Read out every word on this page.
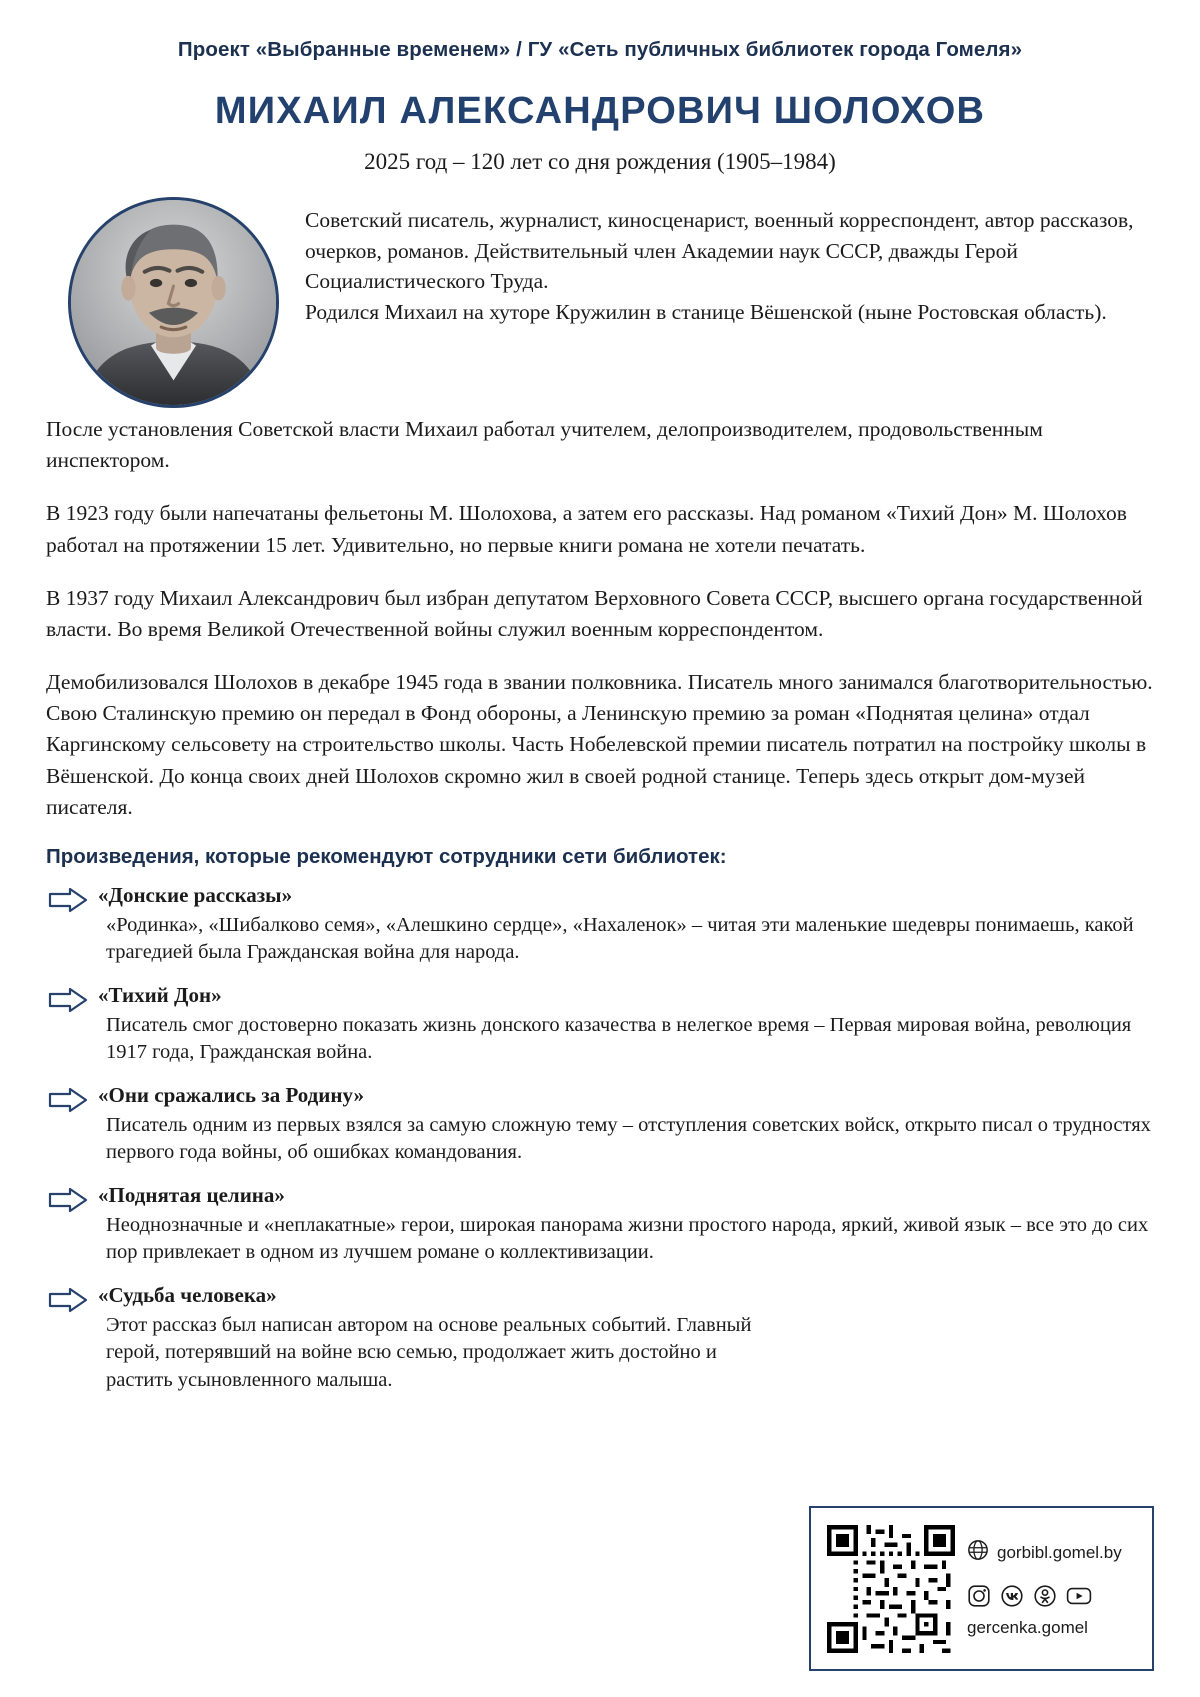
Проект «Выбранные временем» / ГУ «Сеть публичных библиотек города Гомеля»
МИХАИЛ АЛЕКСАНДРОВИЧ ШОЛОХОВ
2025 год – 120 лет со дня рождения (1905–1984)
Советский писатель, журналист, киносценарист, военный корреспондент, автор рассказов, очерков, романов. Действительный член Академии наук СССР, дважды Герой Социалистического Труда.
Родился Михаил на хуторе Кружилин в станице Вёшенской (ныне Ростовская область).

После установления Советской власти Михаил работал учителем, делопроизводителем, продовольственным инспектором.

В 1923 году были напечатаны фельетоны М. Шолохова, а затем его рассказы. Над романом «Тихий Дон» М. Шолохов работал на протяжении 15 лет. Удивительно, но первые книги романа не хотели печатать.

В 1937 году Михаил Александрович был избран депутатом Верховного Совета СССР, высшего органа государственной власти. Во время Великой Отечественной войны служил военным корреспондентом.

Демобилизовался Шолохов в декабре 1945 года в звании полковника. Писатель много занимался благотворительностью. Свою Сталинскую премию он передал в Фонд обороны, а Ленинскую премию за роман «Поднятая целина» отдал Каргинскому сельсовету на строительство школы. Часть Нобелевской премии писатель потратил на постройку школы в Вёшенской. До конца своих дней Шолохов скромно жил в своей родной станице. Теперь здесь открыт дом-музей писателя.

Произведения, которые рекомендуют сотрудники сети библиотек:
«Донские рассказы»
«Родинка», «Шибалково семя», «Алешкино сердце», «Нахаленок» – читая эти маленькие шедевры понимаешь, какой трагедией была Гражданская война для народа.
«Тихий Дон»
Писатель смог достоверно показать жизнь донского казачества в нелегкое время – Первая мировая война, революция 1917 года, Гражданская война.
«Они сражались за Родину»
Писатель одним из первых взялся за самую сложную тему – отступления советских войск, открыто писал о трудностях первого года войны, об ошибках командования.
«Поднятая целина»
Неоднозначные и «неплакатные» герои, широкая панорама жизни простого народа, яркий, живой язык – все это до сих пор привлекает в одном из лучшем романе о коллективизации.
«Судьба человека»
Этот рассказ был написан автором на основе реальных событий. Главный герой, потерявший на войне всю семью, продолжает жить достойно и растить усыновленного малыша.
gorbibl.gomel.by
gercenka.gomel
